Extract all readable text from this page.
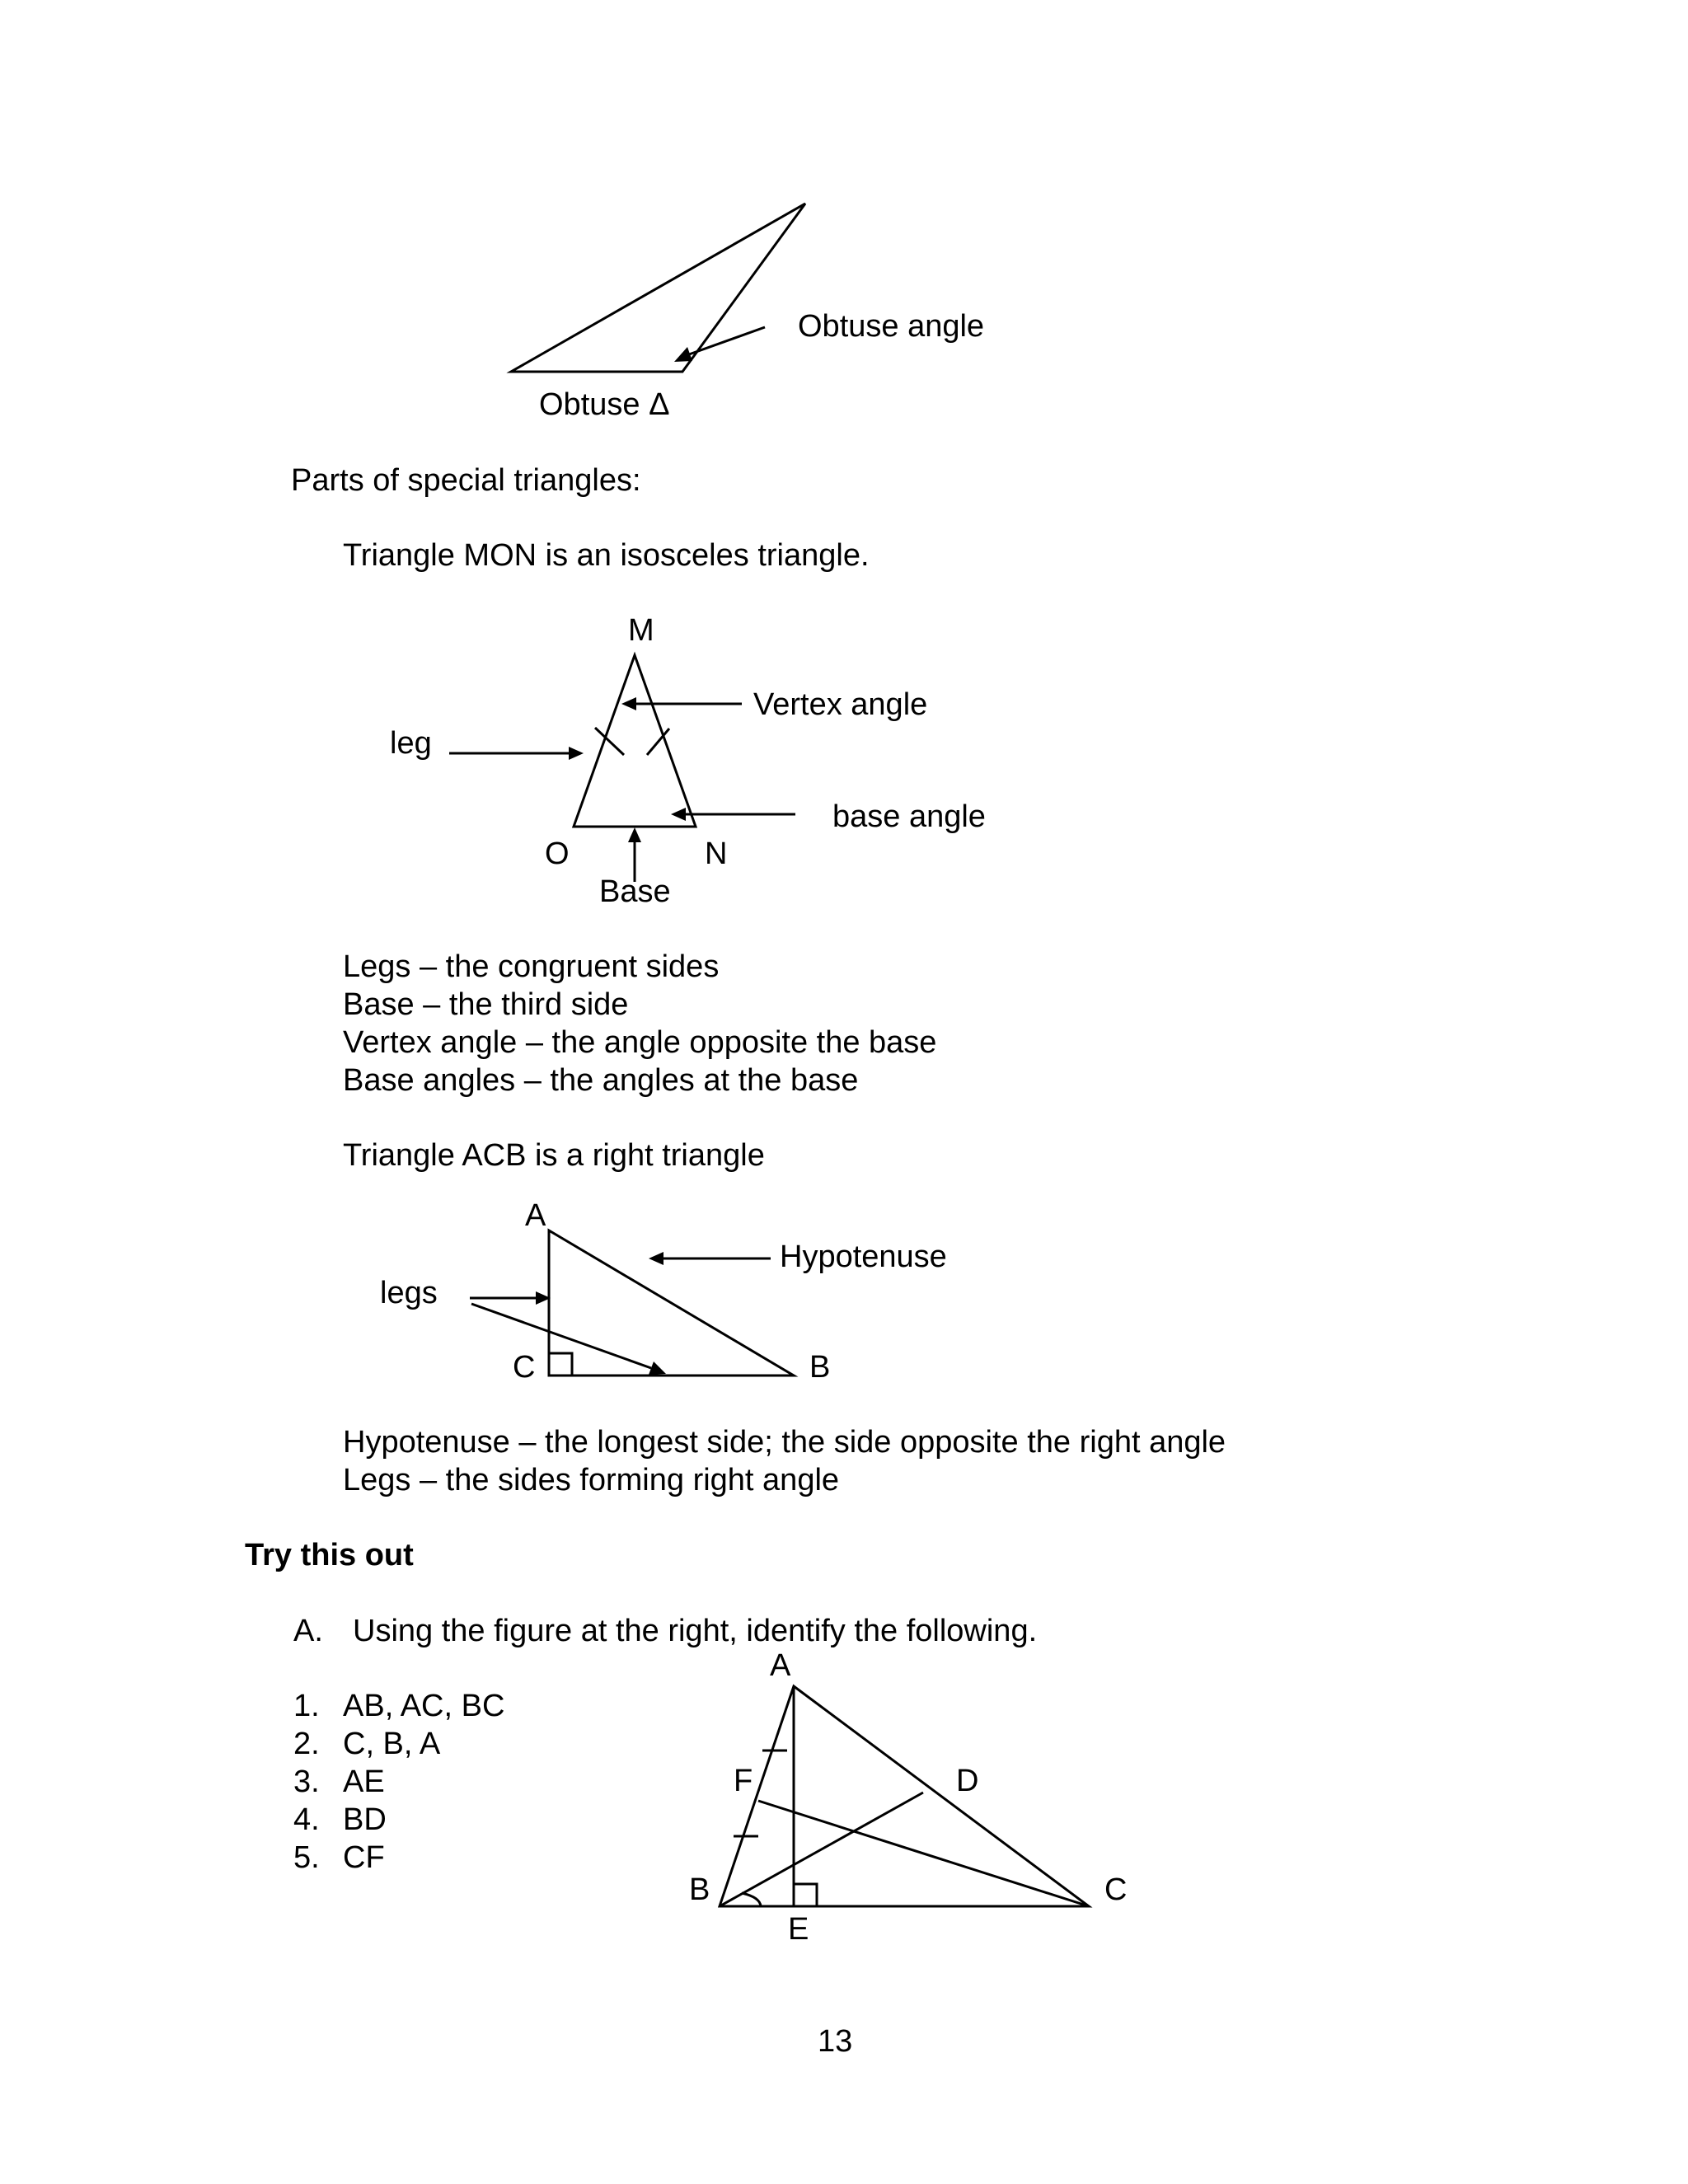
Obtuse angle
Obtuse Δ
Parts of special triangles:
Triangle MON is an isosceles triangle.
M
Vertex angle
leg
base angle
O	N
Base
Legs – the congruent sides
Base – the third side
Vertex angle – the angle opposite the base
Base angles – the angles at the base
Triangle ACB is a right triangle
A
Hypotenuse
legs
C	B
Hypotenuse – the longest side; the side opposite the right angle
Legs – the sides forming right angle
Try this out
A. Using the figure at the right, identify the following.
1. AB, AC, BC
2. C, B, A
3. AE
4. BD
5. CF
A
F	D
B	C
E
13
